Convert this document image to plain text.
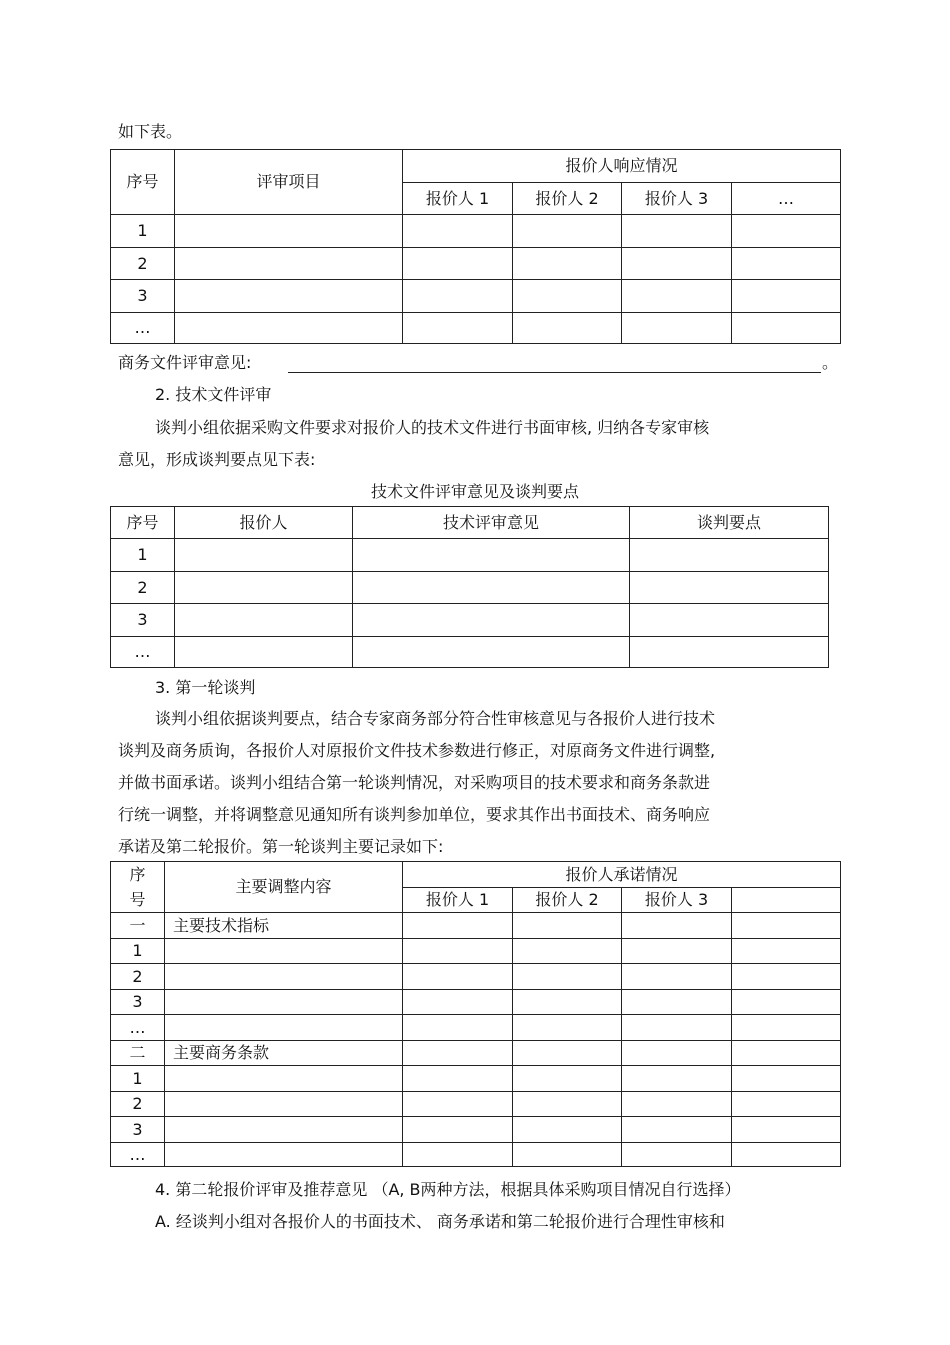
如下表。
序号	评审项目	报价人响应情况			
		报价人 1	报价人 2	报价人 3	…
1					
2					
3					
…					
商务文件评审意见:	。
2. 技术文件评审
谈判小组依据采购文件要求对报价人的技术文件进行书面审核, 归纳各专家审核
意见，形成谈判要点见下表:
技术文件评审意见及谈判要点
序号	报价人	技术评审意见	谈判要点
1			
2			
3			
…			
3. 第一轮谈判
谈判小组依据谈判要点，结合专家商务部分符合性审核意见与各报价人进行技术
谈判及商务质询，各报价人对原报价文件技术参数进行修正，对原商务文件进行调整,
并做书面承诺。谈判小组结合第一轮谈判情况，对采购项目的技术要求和商务条款进
行统一调整，并将调整意见通知所有谈判参加单位，要求其作出书面技术、商务响应
承诺及第二轮报价。第一轮谈判主要记录如下:
序	主要调整内容	报价人承诺情况			
号		报价人 1	报价人 2	报价人 3	
一	主要技术指标				
1					
2					
3					
…					
二	主要商务条款				
1					
2					
3					
…					
4. 第二轮报价评审及推荐意见 （A, B两种方法，根据具体采购项目情况自行选择）
A. 经谈判小组对各报价人的书面技术、 商务承诺和第二轮报价进行合理性审核和
